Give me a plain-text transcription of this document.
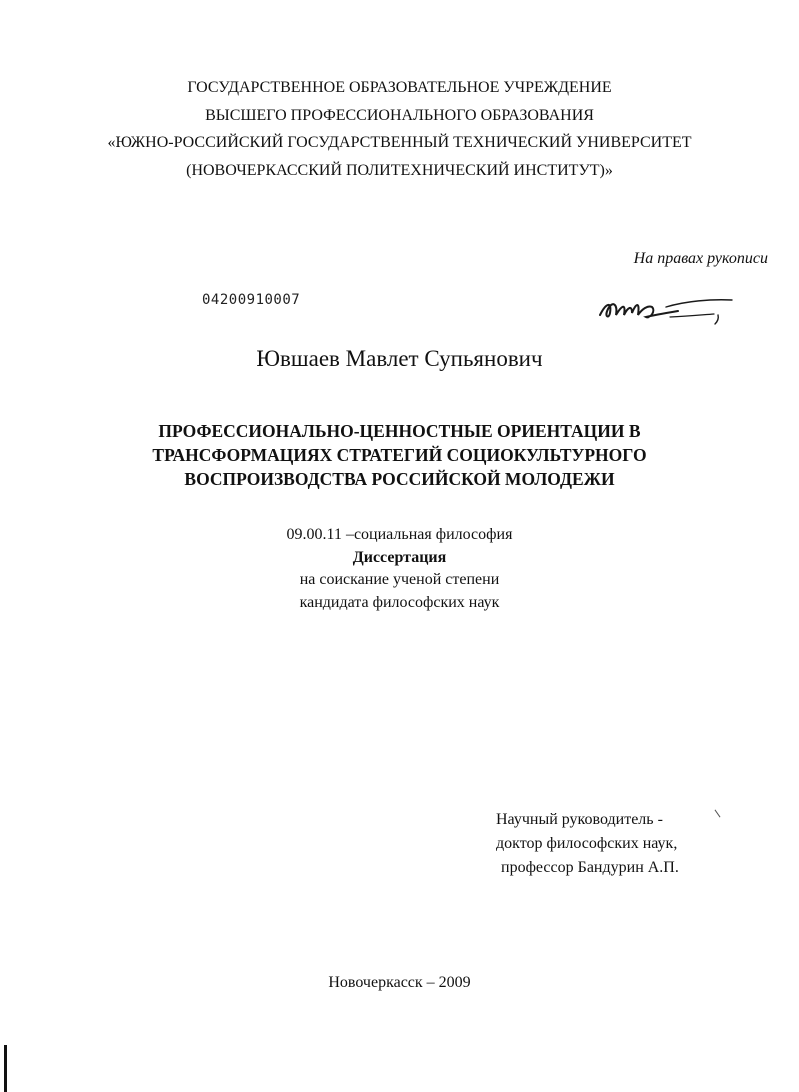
ГОСУДАРСТВЕННОЕ ОБРАЗОВАТЕЛЬНОЕ УЧРЕЖДЕНИЕ
ВЫСШЕГО ПРОФЕССИОНАЛЬНОГО ОБРАЗОВАНИЯ
«ЮЖНО-РОССИЙСКИЙ ГОСУДАРСТВЕННЫЙ ТЕХНИЧЕСКИЙ УНИВЕРСИТЕТ
(НОВОЧЕРКАССКИЙ ПОЛИТЕХНИЧЕСКИЙ ИНСТИТУТ)»
На правах рукописи
04200910007
Ювшаев Мавлет Супьянович
ПРОФЕССИОНАЛЬНО-ЦЕННОСТНЫЕ ОРИЕНТАЦИИ В
ТРАНСФОРМАЦИЯХ СТРАТЕГИЙ СОЦИОКУЛЬТУРНОГО
ВОСПРОИЗВОДСТВА РОССИЙСКОЙ МОЛОДЕЖИ
09.00.11 –социальная философия
Диссертация
на соискание ученой степени
кандидата философских наук
Научный руководитель -
доктор философских наук,
профессор Бандурин А.П.
Новочеркасск – 2009
